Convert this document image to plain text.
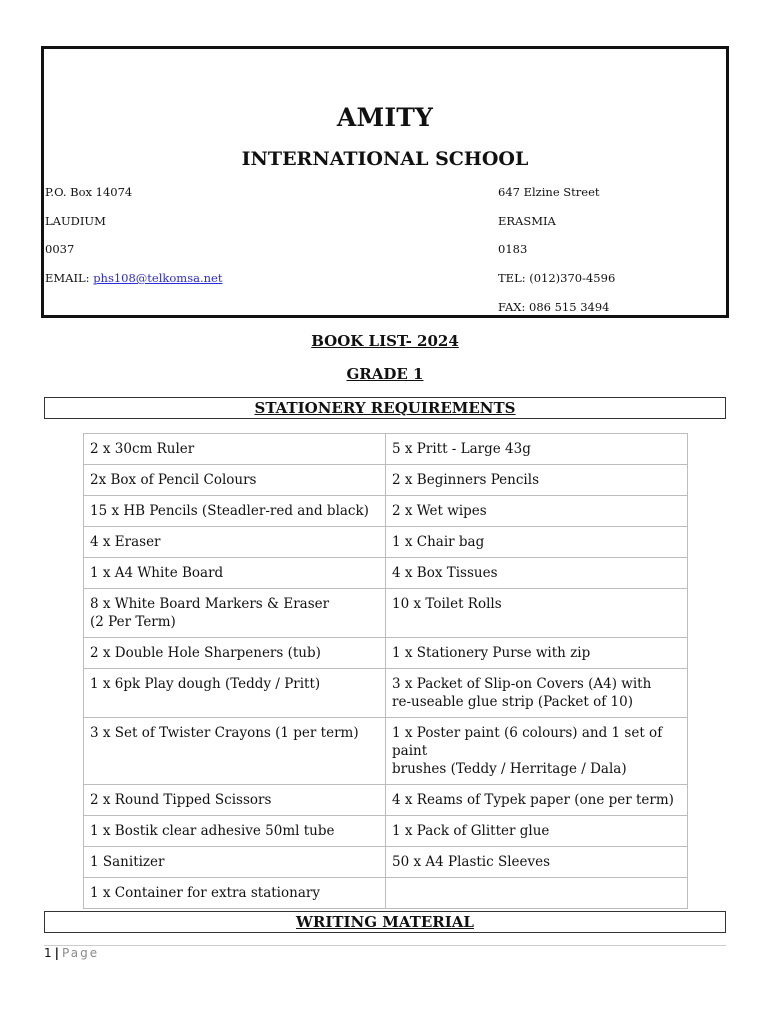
AMITY
INTERNATIONAL SCHOOL
P.O. Box 14074
LAUDIUM
0037
EMAIL: phs108@telkomsa.net
647 Elzine Street
ERASMIA
0183
TEL: (012)370-4596
FAX: 086 515 3494
BOOK LIST- 2024
GRADE 1
STATIONERY REQUIREMENTS
2 x 30cm Ruler	5 x Pritt - Large 43g
2x Box of Pencil Colours	2 x Beginners Pencils
15 x HB Pencils (Steadler-red and black)	2 x Wet wipes
4 x Eraser	1 x Chair bag
1 x A4 White Board	4 x Box Tissues
8 x White Board Markers & Eraser
(2 Per Term)	10 x Toilet Rolls
2 x Double Hole Sharpeners (tub)	1 x Stationery Purse with zip
1 x 6pk Play dough (Teddy / Pritt)	3 x Packet of Slip-on Covers (A4) with
re-useable glue strip (Packet of 10)
3 x Set of Twister Crayons (1 per term)	1 x Poster paint (6 colours) and 1 set of paint
brushes (Teddy / Herritage / Dala)
2 x Round Tipped Scissors	4 x Reams of Typek paper (one per term)
1 x Bostik clear adhesive 50ml tube	1 x Pack of Glitter glue
1 Sanitizer	50 x A4 Plastic Sleeves
1 x Container for extra stationary	
WRITING MATERIAL
1 | Page
